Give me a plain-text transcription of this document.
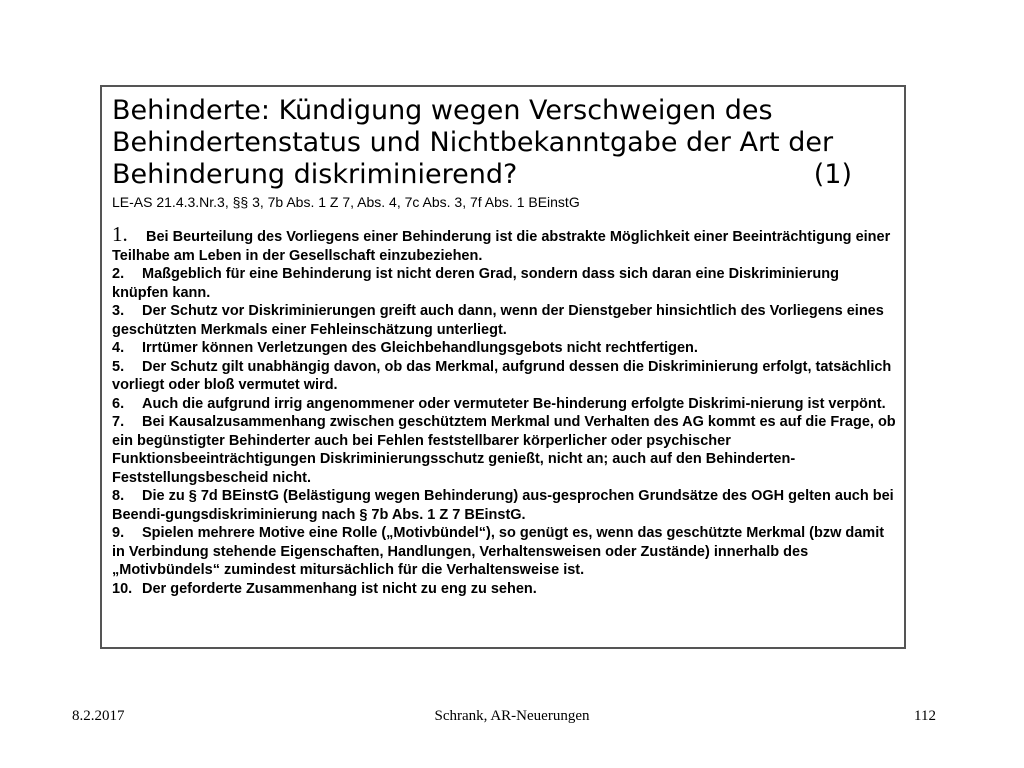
Behinderte: Kündigung wegen Verschweigen des
Behindertenstatus und Nichtbekanntgabe der Art der
Behinderung diskriminierend?	(1)
LE-AS 21.4.3.Nr.3, §§ 3, 7b Abs. 1 Z 7, Abs. 4, 7c Abs. 3, 7f Abs. 1 BEinstG
1. Bei Beurteilung des Vorliegens einer Behinderung ist die abstrakte Möglichkeit einer Beeinträchtigung einer Teilhabe am Leben in der Gesellschaft einzubeziehen.
2. Maßgeblich für eine Behinderung ist nicht deren Grad, sondern dass sich daran eine Diskriminierung knüpfen kann.
3. Der Schutz vor Diskriminierungen greift auch dann, wenn der Dienstgeber hinsichtlich des Vorliegens eines geschützten Merkmals einer Fehleinschätzung unterliegt.
4. Irrtümer können Verletzungen des Gleichbehandlungsgebots nicht rechtfertigen.
5. Der Schutz gilt unabhängig davon, ob das Merkmal, aufgrund dessen die Diskriminierung erfolgt, tatsächlich vorliegt oder bloß vermutet wird.
6. Auch die aufgrund irrig angenommener oder vermuteter Be-hinderung erfolgte Diskrimi-nierung ist verpönt.
7. Bei Kausalzusammenhang zwischen geschütztem Merkmal und Verhalten des AG kommt es auf die Frage, ob ein begünstigter Behinderter auch bei Fehlen feststellbarer körperlicher oder psychischer Funktionsbeeinträchtigungen Diskriminierungsschutz genießt, nicht an; auch auf den Behinderten-Feststellungsbescheid nicht.
8. Die zu § 7d BEinstG (Belästigung wegen Behinderung) aus-gesprochen Grundsätze des OGH gelten auch bei Beendi-gungsdiskriminierung nach § 7b Abs. 1 Z 7 BEinstG.
9. Spielen mehrere Motive eine Rolle („Motivbündel“), so genügt es, wenn das geschützte Merkmal (bzw damit in Verbindung stehende Eigenschaften, Handlungen, Verhaltensweisen oder Zustände) innerhalb des „Motivbündels“ zumindest mitursächlich für die Verhaltensweise ist.
10. Der geforderte Zusammenhang ist nicht zu eng zu sehen.
8.2.2017	Schrank, AR-Neuerungen	112
